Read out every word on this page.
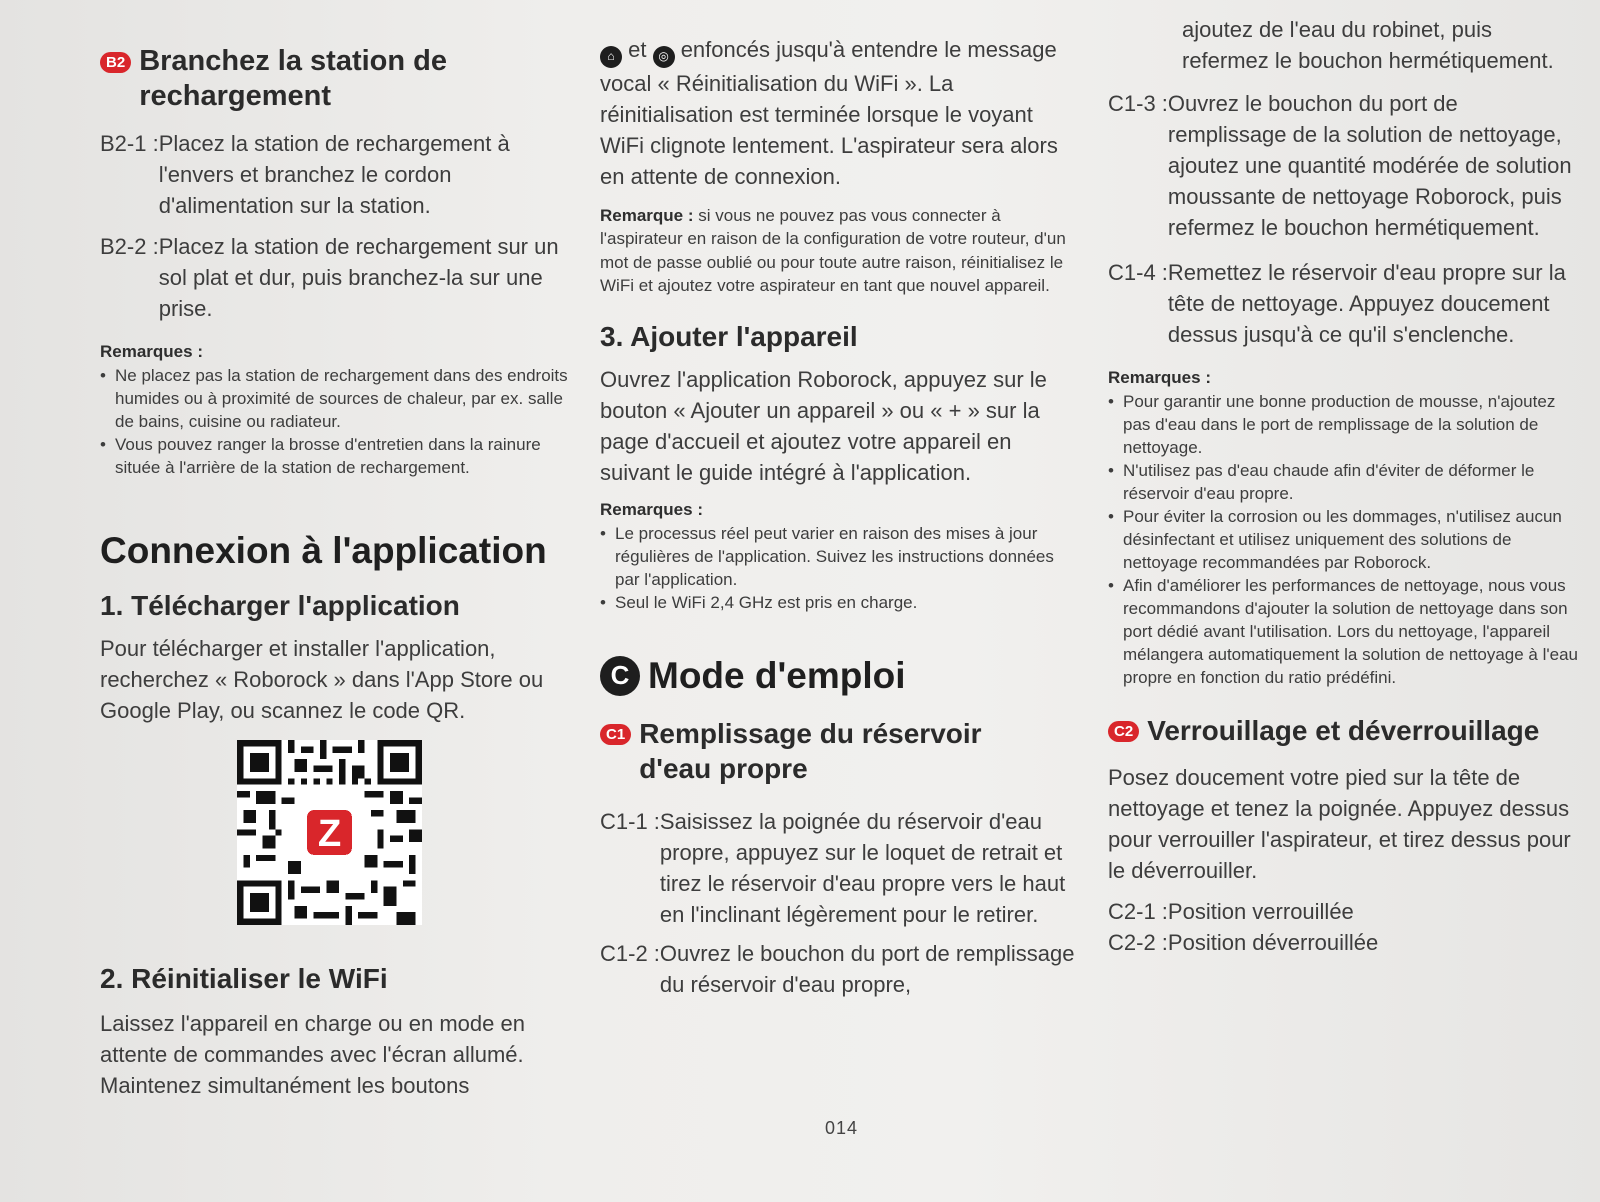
B2 Branchez la station de rechargement
B2-1 : Placez la station de rechargement à l'envers et branchez le cordon d'alimentation sur la station.
B2-2 : Placez la station de rechargement sur un sol plat et dur, puis branchez-la sur une prise.

Remarques :

• Ne placez pas la station de rechargement dans des endroits humides ou à proximité de sources de chaleur, par ex. salle de bains, cuisine ou radiateur.
• Vous pouvez ranger la brosse d'entretien dans la rainure située à l'arrière de la station de rechargement.
Connexion à l'application
1. Télécharger l'application

Pour télécharger et installer l'application, recherchez « Roborock » dans l'App Store ou Google Play, ou scannez le code QR.

Z
2. Réinitialiser le WiFi

Laissez l'appareil en charge ou en mode en attente de commandes avec l'écran allumé. Maintenez simultanément les boutons

⌂ et ◎ enfoncés jusqu'à entendre le message vocal « Réinitialisation du WiFi ». La réinitialisation est terminée lorsque le voyant WiFi clignote lentement. L'aspirateur sera alors en attente de connexion.

Remarque : si vous ne pouvez pas vous connecter à l'aspirateur en raison de la configuration de votre routeur, d'un mot de passe oublié ou pour toute autre raison, réinitialisez le WiFi et ajoutez votre aspirateur en tant que nouvel appareil.

3. Ajouter l'appareil

Ouvrez l'application Roborock, appuyez sur le bouton « Ajouter un appareil » ou « + » sur la page d'accueil et ajoutez votre appareil en suivant le guide intégré à l'application.

Remarques :

• Le processus réel peut varier en raison des mises à jour régulières de l'application. Suivez les instructions données par l'application.
• Seul le WiFi 2,4 GHz est pris en charge.
C Mode d'emploi
C1 Remplissage du réservoir d'eau propre
C1-1 : Saisissez la poignée du réservoir d'eau propre, appuyez sur le loquet de retrait et tirez le réservoir d'eau propre vers le haut en l'inclinant légèrement pour le retirer.
C1-2 : Ouvrez le bouchon du port de remplissage du réservoir d'eau propre,

ajoutez de l'eau du robinet, puis refermez le bouchon hermétiquement.

C1-3 : Ouvrez le bouchon du port de remplissage de la solution de nettoyage, ajoutez une quantité modérée de solution moussante de nettoyage Roborock, puis refermez le bouchon hermétiquement.
C1-4 : Remettez le réservoir d'eau propre sur la tête de nettoyage. Appuyez doucement dessus jusqu'à ce qu'il s'enclenche.

Remarques :

• Pour garantir une bonne production de mousse, n'ajoutez pas d'eau dans le port de remplissage de la solution de nettoyage.
• N'utilisez pas d'eau chaude afin d'éviter de déformer le réservoir d'eau propre.
• Pour éviter la corrosion ou les dommages, n'utilisez aucun désinfectant et utilisez uniquement des solutions de nettoyage recommandées par Roborock.
• Afin d'améliorer les performances de nettoyage, nous vous recommandons d'ajouter la solution de nettoyage dans son port dédié avant l'utilisation. Lors du nettoyage, l'appareil mélangera automatiquement la solution de nettoyage à l'eau propre en fonction du ratio prédéfini.
C2 Verrouillage et déverrouillage

Posez doucement votre pied sur la tête de nettoyage et tenez la poignée. Appuyez dessus pour verrouiller l'aspirateur, et tirez dessus pour le déverrouiller.

C2-1 : Position verrouillée
C2-2 : Position déverrouillée
014
